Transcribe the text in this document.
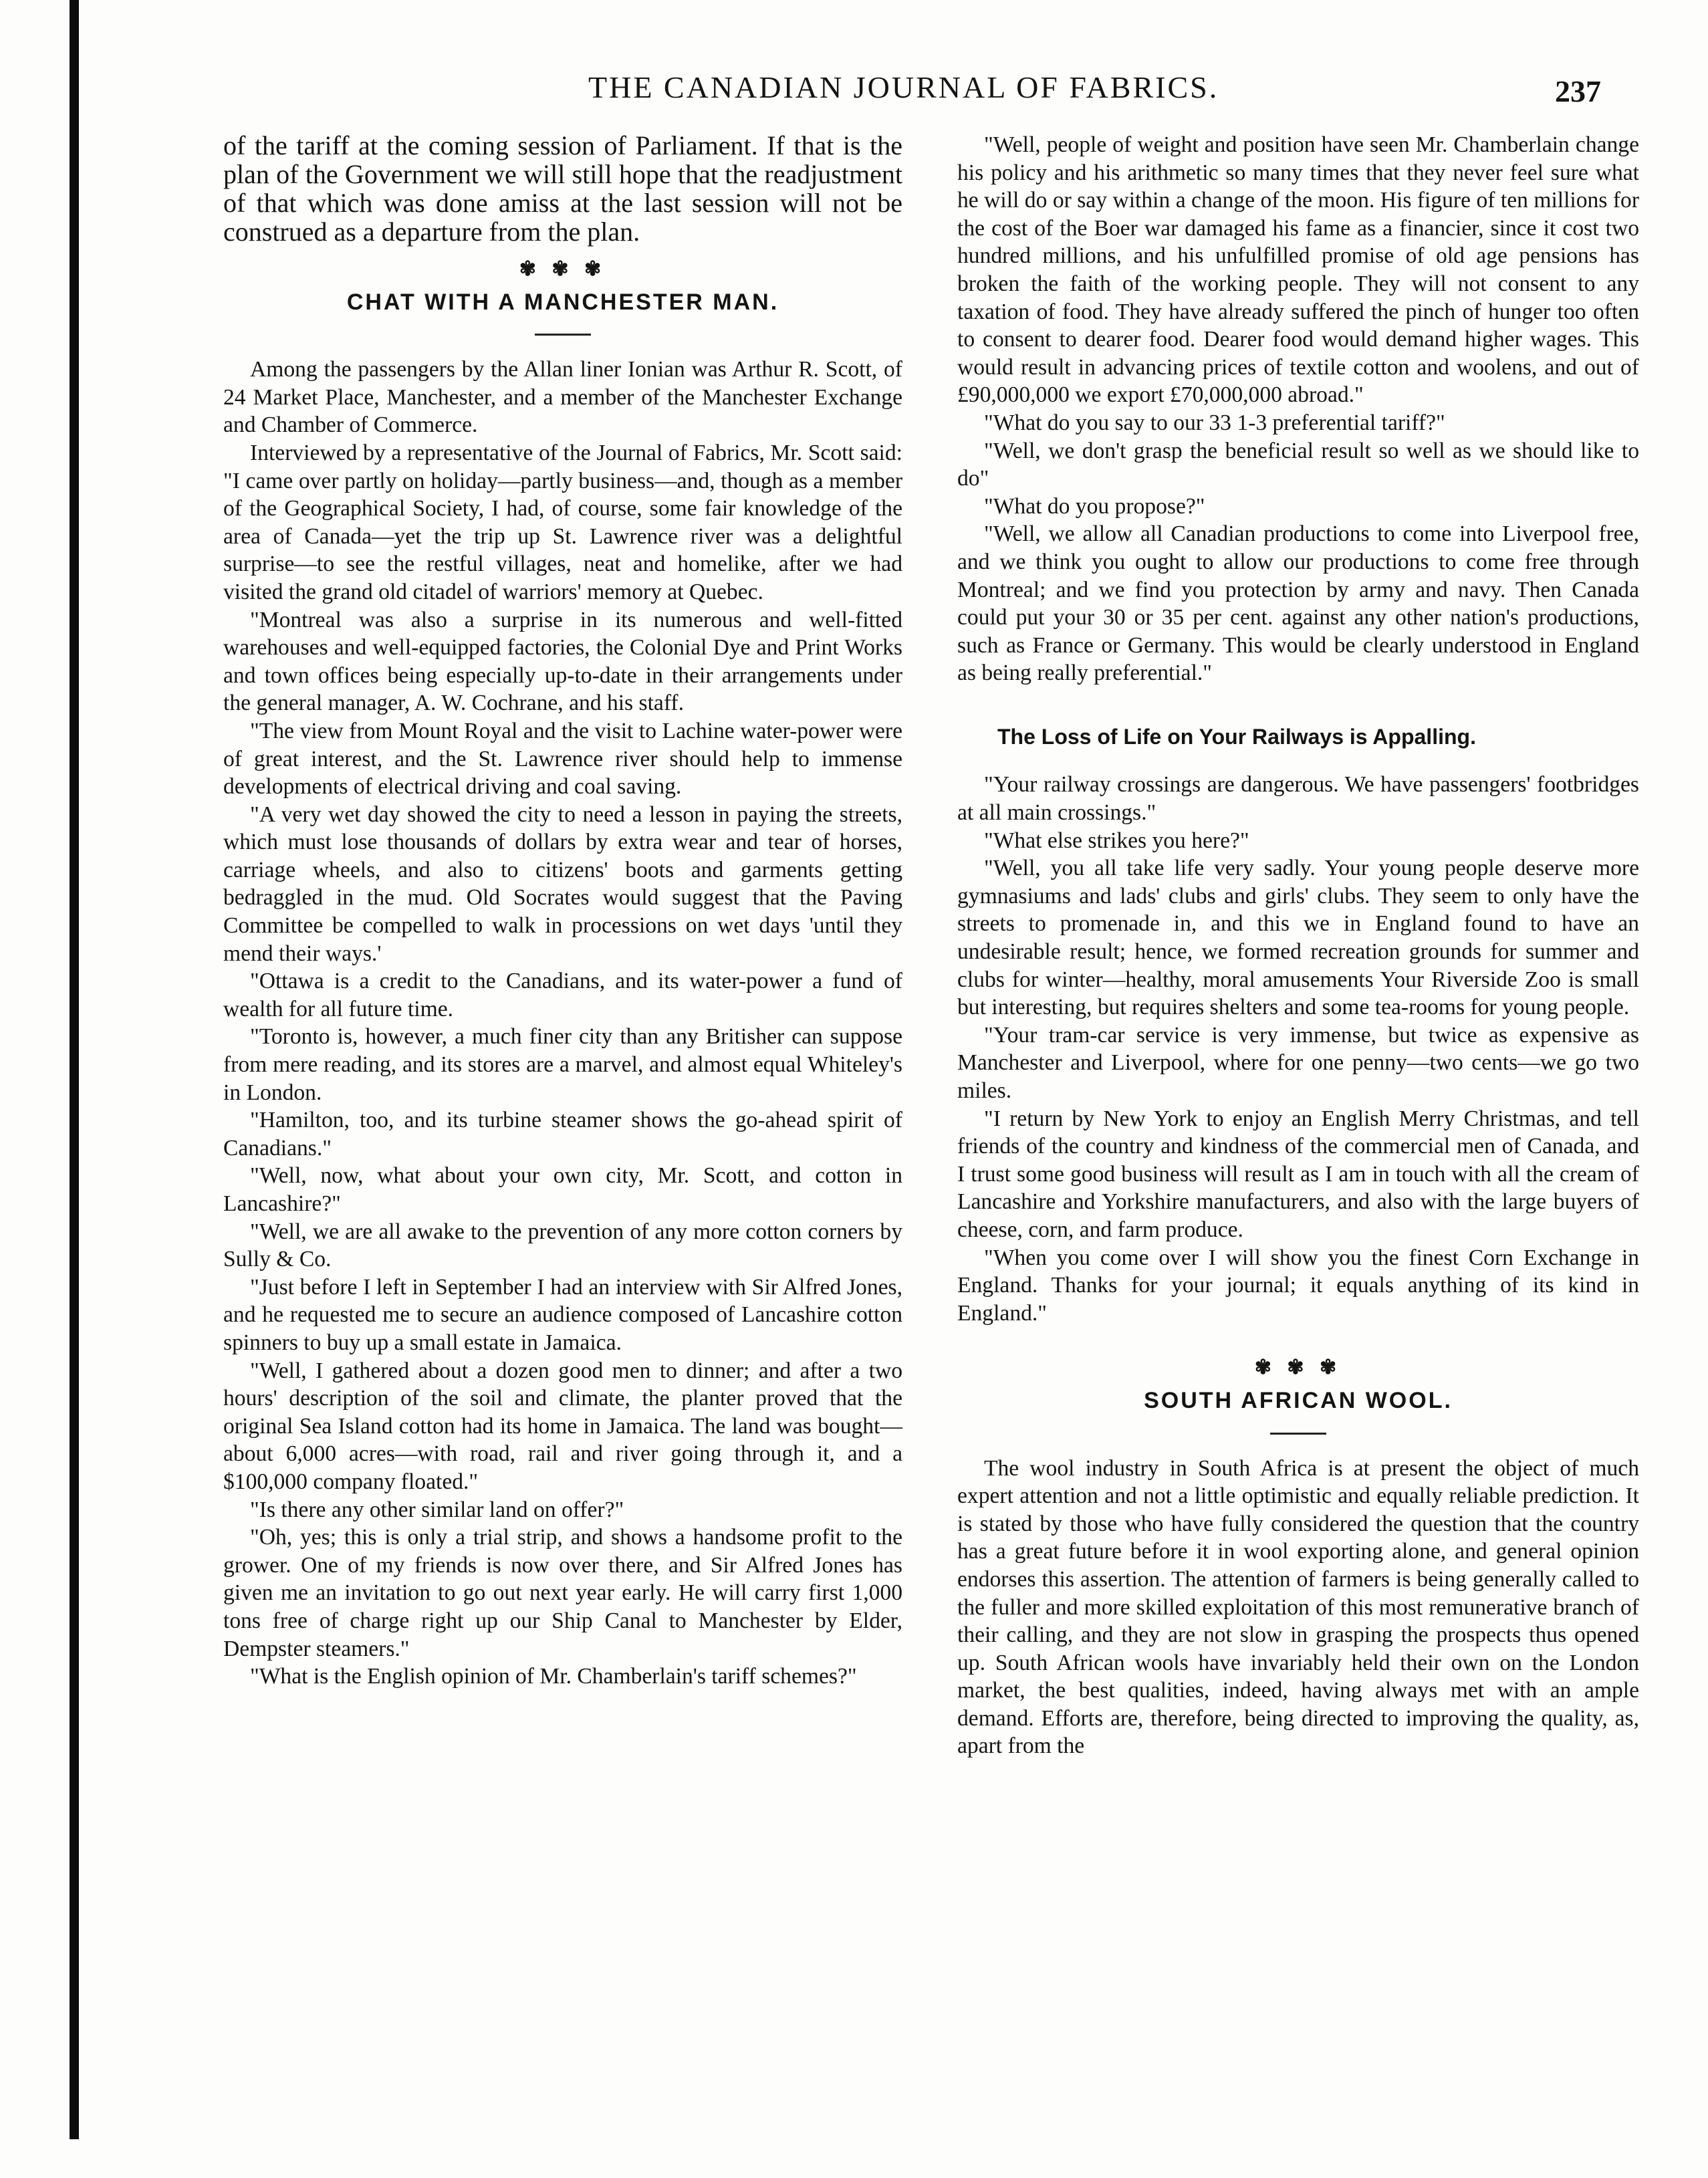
THE CANADIAN JOURNAL OF FABRICS.	237

of the tariff at the coming session of Parliament. If that is the plan of the Government we will still hope that the readjustment of that which was done amiss at the last session will not be construed as a departure from the plan.

✾ ✾ ✾
CHAT WITH A MANCHESTER MAN.

Among the passengers by the Allan liner Ionian was Arthur R. Scott, of 24 Market Place, Manchester, and a member of the Manchester Exchange and Chamber of Commerce.

Interviewed by a representative of the Journal of Fabrics, Mr. Scott said: "I came over partly on holiday—partly business—and, though as a member of the Geographical Society, I had, of course, some fair knowledge of the area of Canada—yet the trip up St. Lawrence river was a delightful surprise—to see the restful villages, neat and homelike, after we had visited the grand old citadel of warriors' memory at Quebec.

"Montreal was also a surprise in its numerous and well-fitted warehouses and well-equipped factories, the Colonial Dye and Print Works and town offices being especially up-to-date in their arrangements under the general manager, A. W. Cochrane, and his staff.

"The view from Mount Royal and the visit to Lachine water-power were of great interest, and the St. Lawrence river should help to immense developments of electrical driving and coal saving.

"A very wet day showed the city to need a lesson in paying the streets, which must lose thousands of dollars by extra wear and tear of horses, carriage wheels, and also to citizens' boots and garments getting bedraggled in the mud. Old Socrates would suggest that the Paving Committee be compelled to walk in processions on wet days 'until they mend their ways.'

"Ottawa is a credit to the Canadians, and its water-power a fund of wealth for all future time.

"Toronto is, however, a much finer city than any Britisher can suppose from mere reading, and its stores are a marvel, and almost equal Whiteley's in London.

"Hamilton, too, and its turbine steamer shows the go-ahead spirit of Canadians."

"Well, now, what about your own city, Mr. Scott, and cotton in Lancashire?"

"Well, we are all awake to the prevention of any more cotton corners by Sully & Co.

"Just before I left in September I had an interview with Sir Alfred Jones, and he requested me to secure an audience composed of Lancashire cotton spinners to buy up a small estate in Jamaica.

"Well, I gathered about a dozen good men to dinner; and after a two hours' description of the soil and climate, the planter proved that the original Sea Island cotton had its home in Jamaica. The land was bought—about 6,000 acres—with road, rail and river going through it, and a $100,000 company floated."

"Is there any other similar land on offer?"

"Oh, yes; this is only a trial strip, and shows a handsome profit to the grower. One of my friends is now over there, and Sir Alfred Jones has given me an invitation to go out next year early. He will carry first 1,000 tons free of charge right up our Ship Canal to Manchester by Elder, Dempster steamers."

"What is the English opinion of Mr. Chamberlain's tariff schemes?"

"Well, people of weight and position have seen Mr. Chamberlain change his policy and his arithmetic so many times that they never feel sure what he will do or say within a change of the moon. His figure of ten millions for the cost of the Boer war damaged his fame as a financier, since it cost two hundred millions, and his unfulfilled promise of old age pensions has broken the faith of the working people. They will not consent to any taxation of food. They have already suffered the pinch of hunger too often to consent to dearer food. Dearer food would demand higher wages. This would result in advancing prices of textile cotton and woolens, and out of £90,000,000 we export £70,000,000 abroad."

"What do you say to our 33 1-3 preferential tariff?"

"Well, we don't grasp the beneficial result so well as we should like to do"

"What do you propose?"

"Well, we allow all Canadian productions to come into Liverpool free, and we think you ought to allow our productions to come free through Montreal; and we find you protection by army and navy. Then Canada could put your 30 or 35 per cent. against any other nation's productions, such as France or Germany. This would be clearly understood in England as being really preferential."

The Loss of Life on Your Railways is Appalling.

"Your railway crossings are dangerous. We have passengers' footbridges at all main crossings."

"What else strikes you here?"

"Well, you all take life very sadly. Your young people deserve more gymnasiums and lads' clubs and girls' clubs. They seem to only have the streets to promenade in, and this we in England found to have an undesirable result; hence, we formed recreation grounds for summer and clubs for winter—healthy, moral amusements Your Riverside Zoo is small but interesting, but requires shelters and some tea-rooms for young people.

"Your tram-car service is very immense, but twice as expensive as Manchester and Liverpool, where for one penny—two cents—we go two miles.

"I return by New York to enjoy an English Merry Christmas, and tell friends of the country and kindness of the commercial men of Canada, and I trust some good business will result as I am in touch with all the cream of Lancashire and Yorkshire manufacturers, and also with the large buyers of cheese, corn, and farm produce.

"When you come over I will show you the finest Corn Exchange in England. Thanks for your journal; it equals anything of its kind in England."

✾ ✾ ✾
SOUTH AFRICAN WOOL.

The wool industry in South Africa is at present the object of much expert attention and not a little optimistic and equally reliable prediction. It is stated by those who have fully considered the question that the country has a great future before it in wool exporting alone, and general opinion endorses this assertion. The attention of farmers is being generally called to the fuller and more skilled exploitation of this most remunerative branch of their calling, and they are not slow in grasping the prospects thus opened up. South African wools have invariably held their own on the London market, the best qualities, indeed, having always met with an ample demand. Efforts are, therefore, being directed to improving the quality, as, apart from the
